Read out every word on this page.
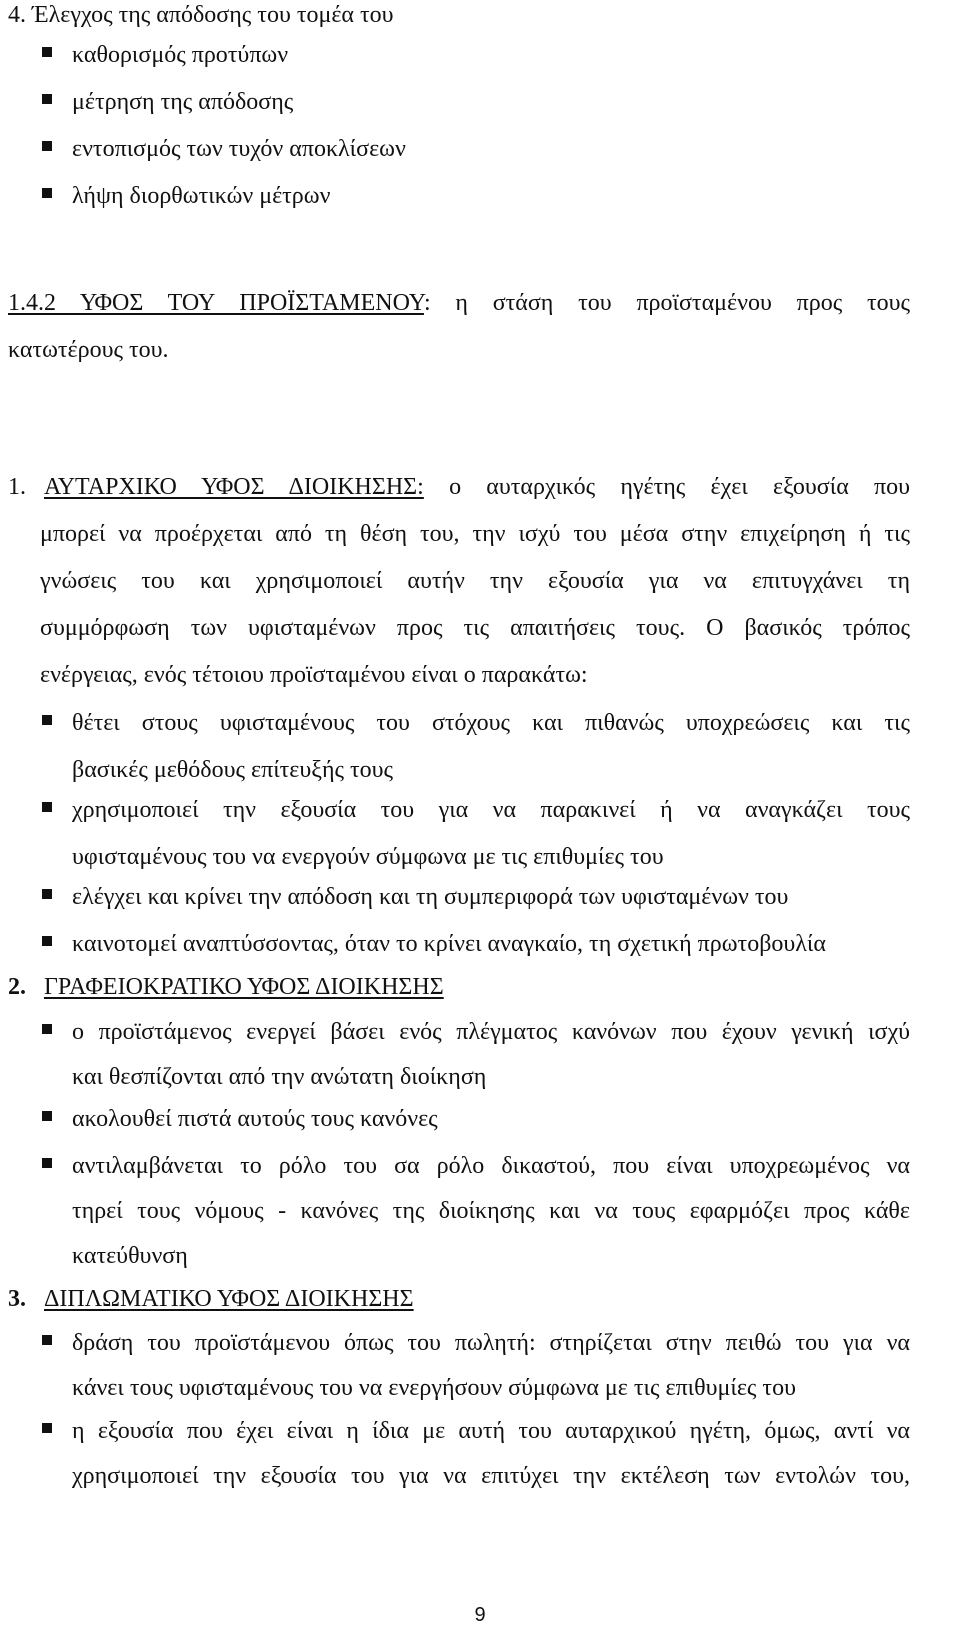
4. Έλεγχος της απόδοσης του τομέα του
καθορισμός προτύπων
μέτρηση της απόδοσης
εντοπισμός των τυχόν αποκλίσεων
λήψη διορθωτικών μέτρων
1.4.2 ΥΦΟΣ ΤΟΥ ΠΡΟΪΣΤΑΜΕΝΟΥ: η στάση του προϊσταμένου προς τους
κατωτέρους του.
1. ΑΥΤΑΡΧΙΚΟ ΥΦΟΣ ΔΙΟΙΚΗΣΗΣ: ο αυταρχικός ηγέτης έχει εξουσία που
μπορεί να προέρχεται από τη θέση του, την ισχύ του μέσα στην επιχείρηση ή τις
γνώσεις του και χρησιμοποιεί αυτήν την εξουσία για να επιτυγχάνει τη
συμμόρφωση των υφισταμένων προς τις απαιτήσεις τους. Ο βασικός τρόπος
ενέργειας, ενός τέτοιου προϊσταμένου είναι ο παρακάτω:
θέτει στους υφισταμένους του στόχους και πιθανώς υποχρεώσεις και τις
βασικές μεθόδους επίτευξής τους
χρησιμοποιεί την εξουσία του για να παρακινεί ή να αναγκάζει τους
υφισταμένους του να ενεργούν σύμφωνα με τις επιθυμίες του
ελέγχει και κρίνει την απόδοση και τη συμπεριφορά των υφισταμένων του
καινοτομεί αναπτύσσοντας, όταν το κρίνει αναγκαίο, τη σχετική πρωτοβουλία
2. ΓΡΑΦΕΙΟΚΡΑΤΙΚΟ ΥΦΟΣ ΔΙΟΙΚΗΣΗΣ
ο προϊστάμενος ενεργεί βάσει ενός πλέγματος κανόνων που έχουν γενική ισχύ
και θεσπίζονται από την ανώτατη διοίκηση
ακολουθεί πιστά αυτούς τους κανόνες
αντιλαμβάνεται το ρόλο του σα ρόλο δικαστού, που είναι υποχρεωμένος να
τηρεί τους νόμους - κανόνες της διοίκησης και να τους εφαρμόζει προς κάθε
κατεύθυνση
3. ΔΙΠΛΩΜΑΤΙΚΟ ΥΦΟΣ ΔΙΟΙΚΗΣΗΣ
δράση του προϊστάμενου όπως του πωλητή: στηρίζεται στην πειθώ του για να
κάνει τους υφισταμένους του να ενεργήσουν σύμφωνα με τις επιθυμίες του
η εξουσία που έχει είναι η ίδια με αυτή του αυταρχικού ηγέτη, όμως, αντί να
χρησιμοποιεί την εξουσία του για να επιτύχει την εκτέλεση των εντολών του,
9
